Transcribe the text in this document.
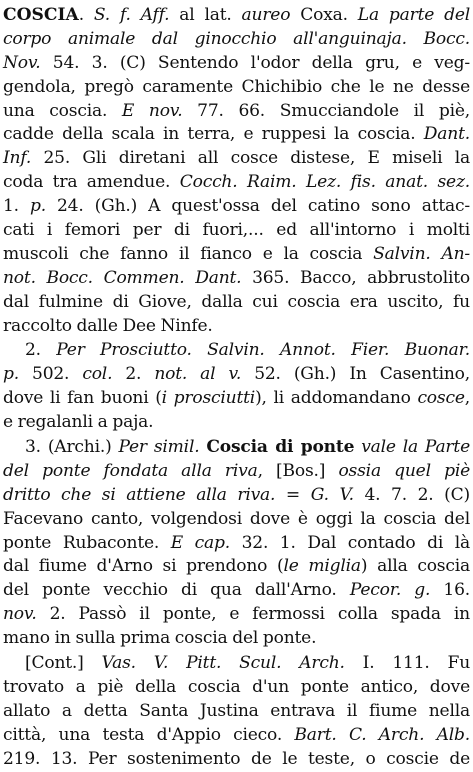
COSCIA. S. f. Aff. al lat. aureo Coxa. La parte del
corpo animale dal ginocchio all'anguinaja. Bocc.
Nov. 54. 3. (C) Sentendo l'odor della gru, e veg-
gendola, pregò caramente Chichibio che le ne desse
una coscia. E nov. 77. 66. Smucciandole il piè,
cadde della scala in terra, e ruppesi la coscia. Dant.
Inf. 25. Gli diretani all cosce distese, E miseli la
coda tra amendue. Cocch. Raim. Lez. fis. anat. sez.
1. p. 24. (Gh.) A quest'ossa del catino sono attac-
cati i femori per di fuori,... ed all'intorno i molti
muscoli che fanno il fianco e la coscia Salvin. An-
not. Bocc. Commen. Dant. 365. Bacco, abbrustolito
dal fulmine di Giove, dalla cui coscia era uscito, fu
raccolto dalle Dee Ninfe.
2. Per Prosciutto. Salvin. Annot. Fier. Buonar.
p. 502. col. 2. not. al v. 52. (Gh.) In Casentino,
dove li fan buoni (i prosciutti), li addomandano cosce,
e regalanli a paja.
3. (Archi.) Per simil. Coscia di ponte vale la Parte
del ponte fondata alla riva, [Bos.] ossia quel piè
dritto che si attiene alla riva. = G. V. 4. 7. 2. (C)
Facevano canto, volgendosi dove è oggi la coscia del
ponte Rubaconte. E cap. 32. 1. Dal contado di là
dal fiume d'Arno si prendono (le miglia) alla coscia
del ponte vecchio di qua dall'Arno. Pecor. g. 16.
nov. 2. Passò il ponte, e fermossi colla spada in
mano in sulla prima coscia del ponte.
[Cont.] Vas. V. Pitt. Scul. Arch. I. 111. Fu
trovato a piè della coscia d'un ponte antico, dove
allato a detta Santa Justina entrava il fiume nella
città, una testa d'Appio cieco. Bart. C. Arch. Alb.
219. 13. Per sostenimento de le teste, o coscie de
